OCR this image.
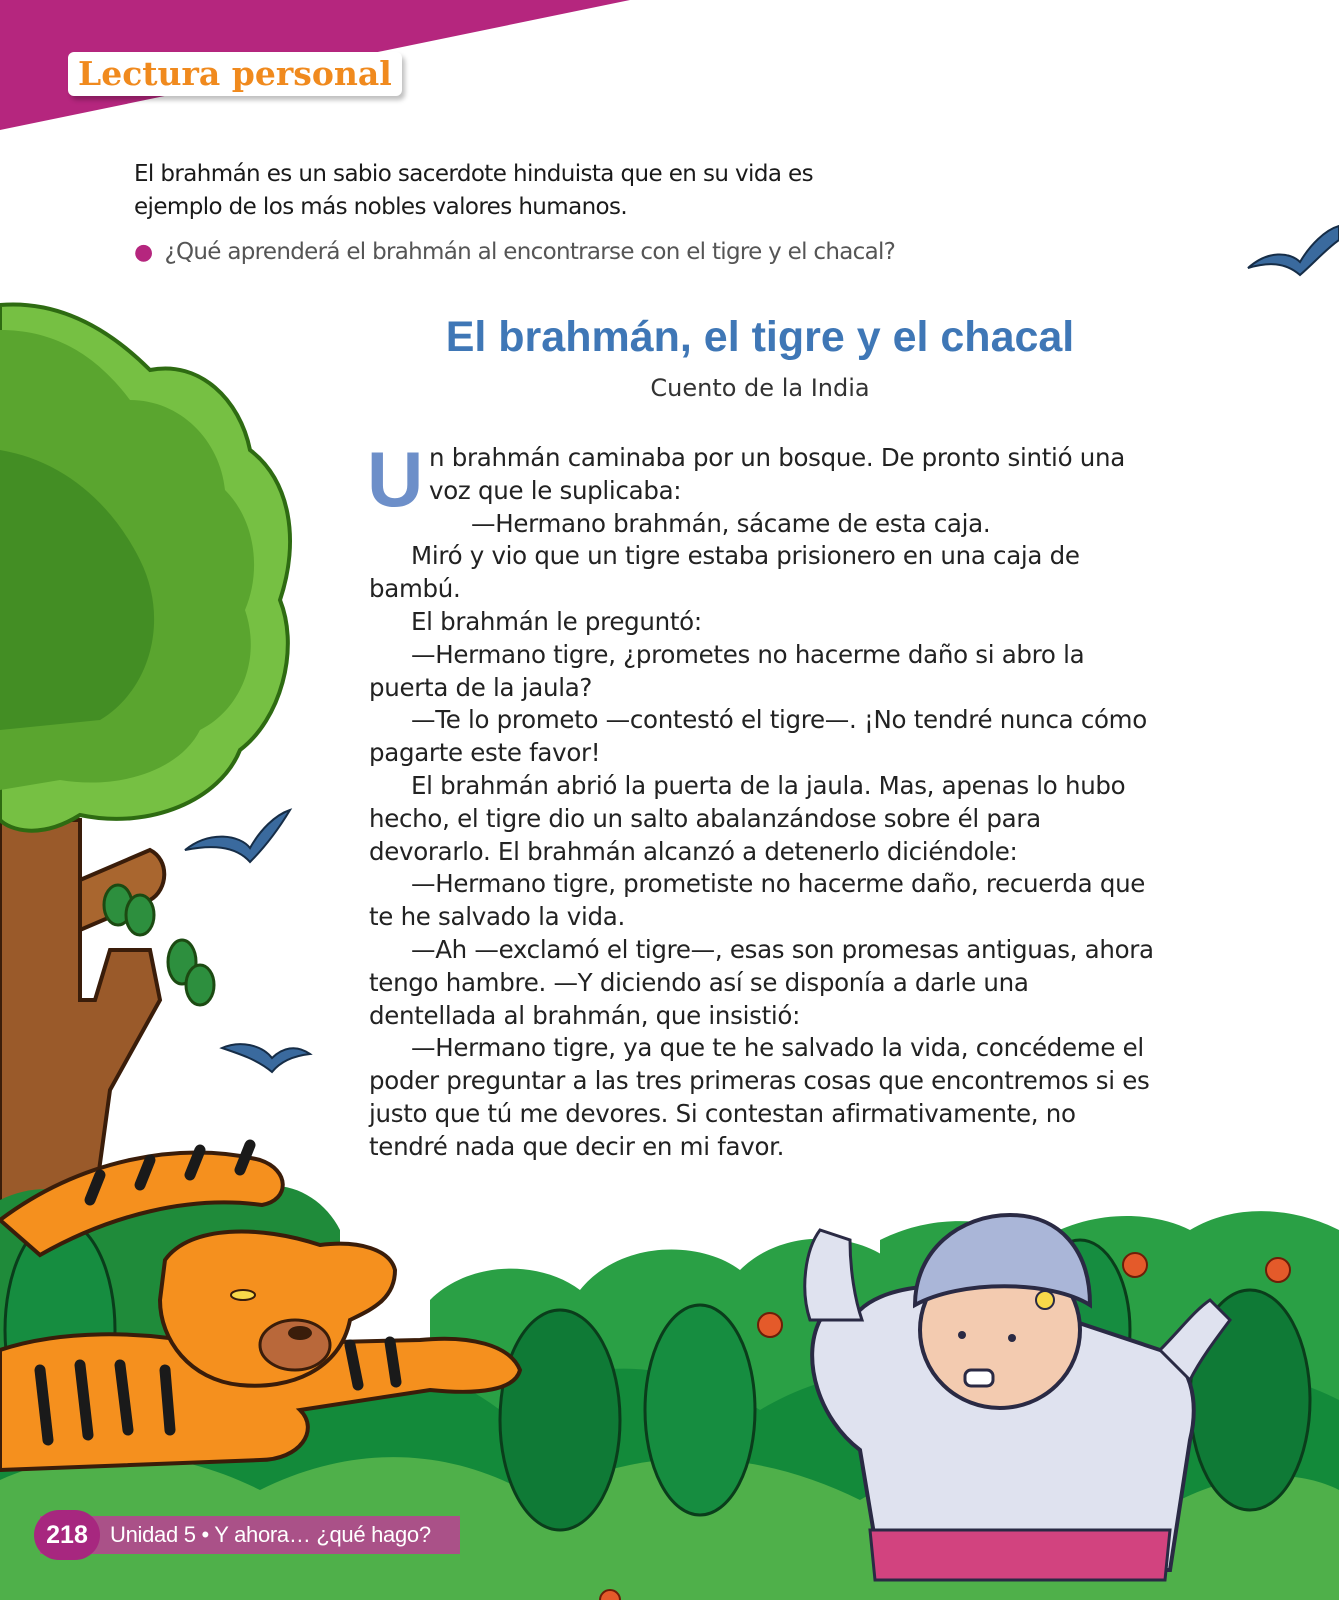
Lectura personal
El brahmán es un sabio sacerdote hinduista que en su vida es ejemplo de los más nobles valores humanos.
● ¿Qué aprenderá el brahmán al encontrarse con el tigre y el chacal?
El brahmán, el tigre y el chacal
Cuento de la India

Un brahmán caminaba por un bosque. De pronto sintió una voz que le suplicaba:

—Hermano brahmán, sácame de esta caja.

Miró y vio que un tigre estaba prisionero en una caja de bambú.

El brahmán le preguntó:

—Hermano tigre, ¿prometes no hacerme daño si abro la puerta de la jaula?

—Te lo prometo —contestó el tigre—. ¡No tendré nunca cómo pagarte este favor!

El brahmán abrió la puerta de la jaula. Mas, apenas lo hubo hecho, el tigre dio un salto abalanzándose sobre él para devorarlo. El brahmán alcanzó a detenerlo diciéndole:

—Hermano tigre, prometiste no hacerme daño, recuerda que te he salvado la vida.

—Ah —exclamó el tigre—, esas son promesas antiguas, ahora tengo hambre. —Y diciendo así se disponía a darle una dentellada al brahmán, que insistió:

—Hermano tigre, ya que te he salvado la vida, concédeme el poder preguntar a las tres primeras cosas que encontremos si es justo que tú me devores. Si contestan afirmativamente, no tendré nada que decir en mi favor.

218	Unidad 5 • Y ahora… ¿qué hago?
